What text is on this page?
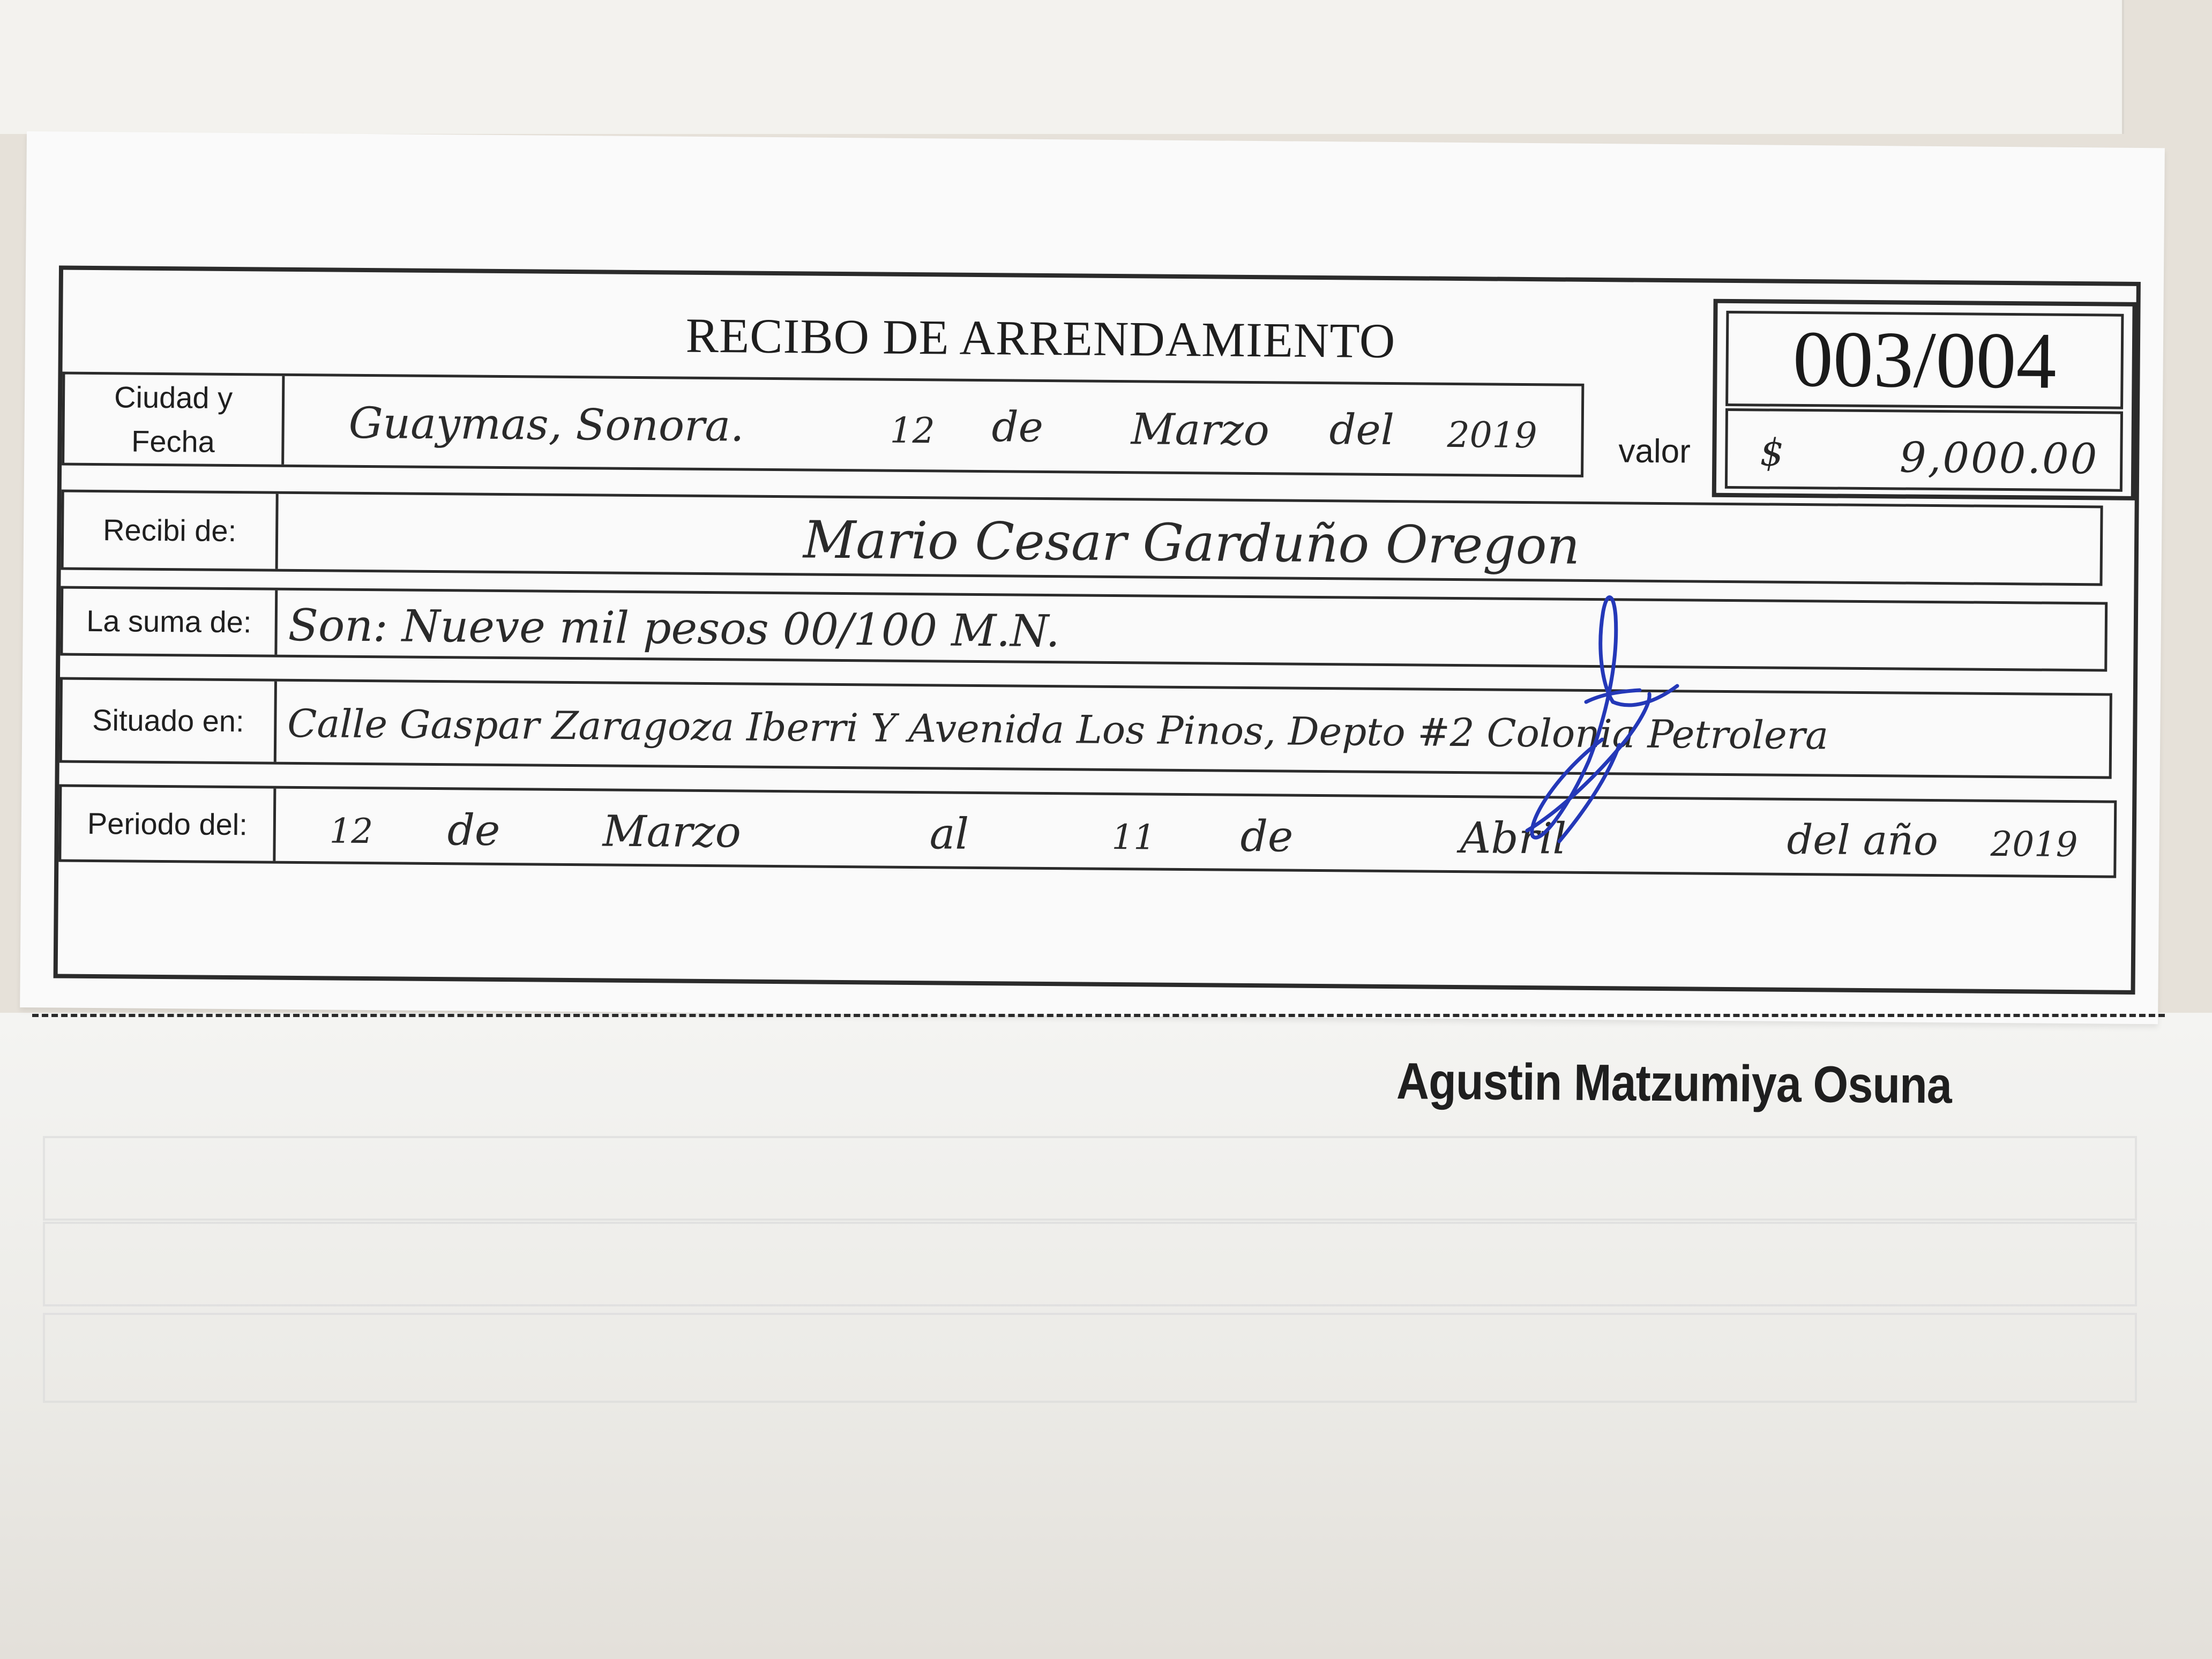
RECIBO DE ARRENDAMIENTO	003/004
$	9,000.00
valor
Ciudad y Fecha	Guaymas, Sonora.	12 de Marzo del 2019
Recibi de:	Mario Cesar Garduño Oregon
La suma de: Son: Nueve mil pesos 00/100 M.N.
Situado en:	Calle Gaspar Zaragoza Iberri Y Avenida Los Pinos, Depto #2 Colonia Petrolera
Periodo del:	12 de Marzo	al	11 de	Abril	del año 2019
Agustin Matzumiya Osuna
